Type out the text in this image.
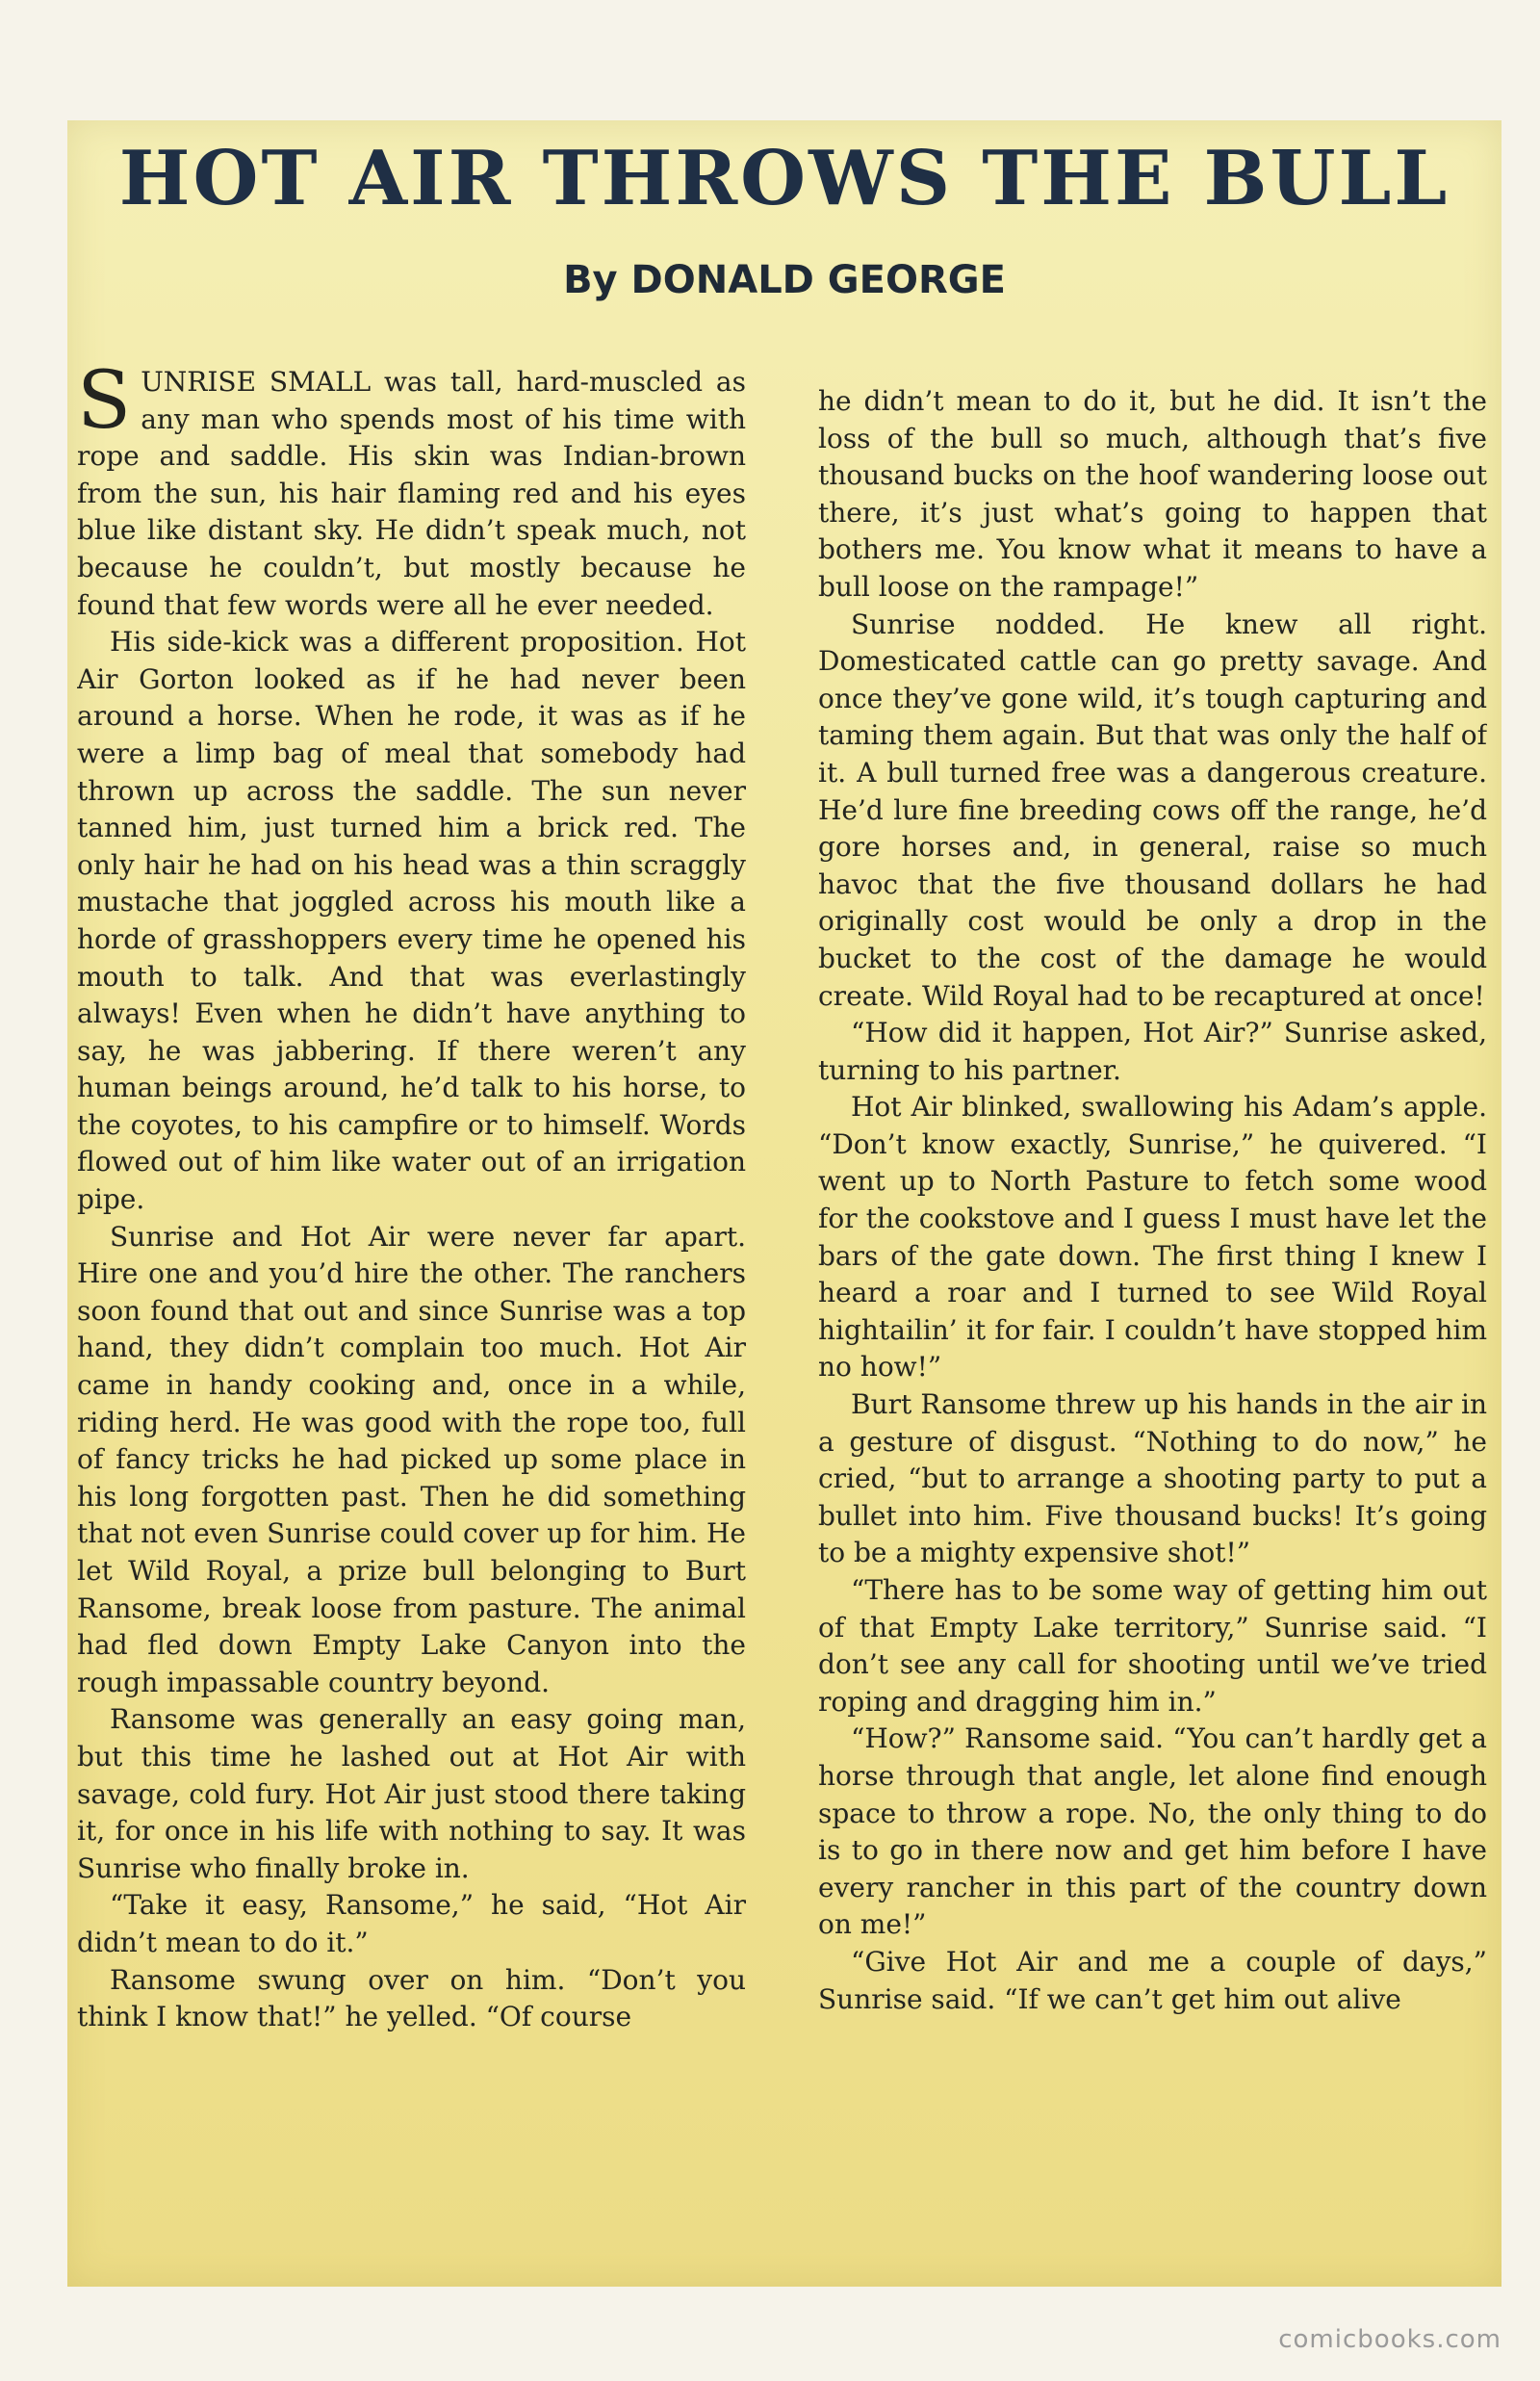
HOT AIR THROWS THE BULL
By DONALD GEORGE

SUNRISE SMALL was tall, hard-muscled as any man who spends most of his time with rope and saddle. His skin was Indian-brown from the sun, his hair flaming red and his eyes blue like distant sky. He didn’t speak much, not because he couldn’t, but mostly because he found that few words were all he ever needed.

His side-kick was a different proposition. Hot Air Gorton looked as if he had never been around a horse. When he rode, it was as if he were a limp bag of meal that somebody had thrown up across the saddle. The sun never tanned him, just turned him a brick red. The only hair he had on his head was a thin scraggly mustache that joggled across his mouth like a horde of grasshoppers every time he opened his mouth to talk. And that was everlastingly always! Even when he didn’t have anything to say, he was jabbering. If there weren’t any human beings around, he’d talk to his horse, to the coyotes, to his campfire or to himself. Words flowed out of him like water out of an irrigation pipe.

Sunrise and Hot Air were never far apart. Hire one and you’d hire the other. The ranchers soon found that out and since Sunrise was a top hand, they didn’t complain too much. Hot Air came in handy cooking and, once in a while, riding herd. He was good with the rope too, full of fancy tricks he had picked up some place in his long forgotten past. Then he did something that not even Sunrise could cover up for him. He let Wild Royal, a prize bull belonging to Burt Ransome, break loose from pasture. The animal had fled down Empty Lake Canyon into the rough impassable country beyond.

Ransome was generally an easy going man, but this time he lashed out at Hot Air with savage, cold fury. Hot Air just stood there taking it, for once in his life with nothing to say. It was Sunrise who finally broke in.

“Take it easy, Ransome,” he said, “Hot Air didn’t mean to do it.”

Ransome swung over on him. “Don’t you think I know that!” he yelled. “Of course

he didn’t mean to do it, but he did. It isn’t the loss of the bull so much, although that’s five thousand bucks on the hoof wandering loose out there, it’s just what’s going to happen that bothers me. You know what it means to have a bull loose on the rampage!”

Sunrise nodded. He knew all right. Domesticated cattle can go pretty savage. And once they’ve gone wild, it’s tough capturing and taming them again. But that was only the half of it. A bull turned free was a dangerous creature. He’d lure fine breeding cows off the range, he’d gore horses and, in general, raise so much havoc that the five thousand dollars he had originally cost would be only a drop in the bucket to the cost of the damage he would create. Wild Royal had to be recaptured at once!

“How did it happen, Hot Air?” Sunrise asked, turning to his partner.

Hot Air blinked, swallowing his Adam’s apple. “Don’t know exactly, Sunrise,” he quivered. “I went up to North Pasture to fetch some wood for the cookstove and I guess I must have let the bars of the gate down. The first thing I knew I heard a roar and I turned to see Wild Royal hightailin’ it for fair. I couldn’t have stopped him no how!”

Burt Ransome threw up his hands in the air in a gesture of disgust. “Nothing to do now,” he cried, “but to arrange a shooting party to put a bullet into him. Five thousand bucks! It’s going to be a mighty expensive shot!”

“There has to be some way of getting him out of that Empty Lake territory,” Sunrise said. “I don’t see any call for shooting until we’ve tried roping and dragging him in.”

“How?” Ransome said. “You can’t hardly get a horse through that angle, let alone find enough space to throw a rope. No, the only thing to do is to go in there now and get him before I have every rancher in this part of the country down on me!”

“Give Hot Air and me a couple of days,” Sunrise said. “If we can’t get him out alive

comicbooks.com
